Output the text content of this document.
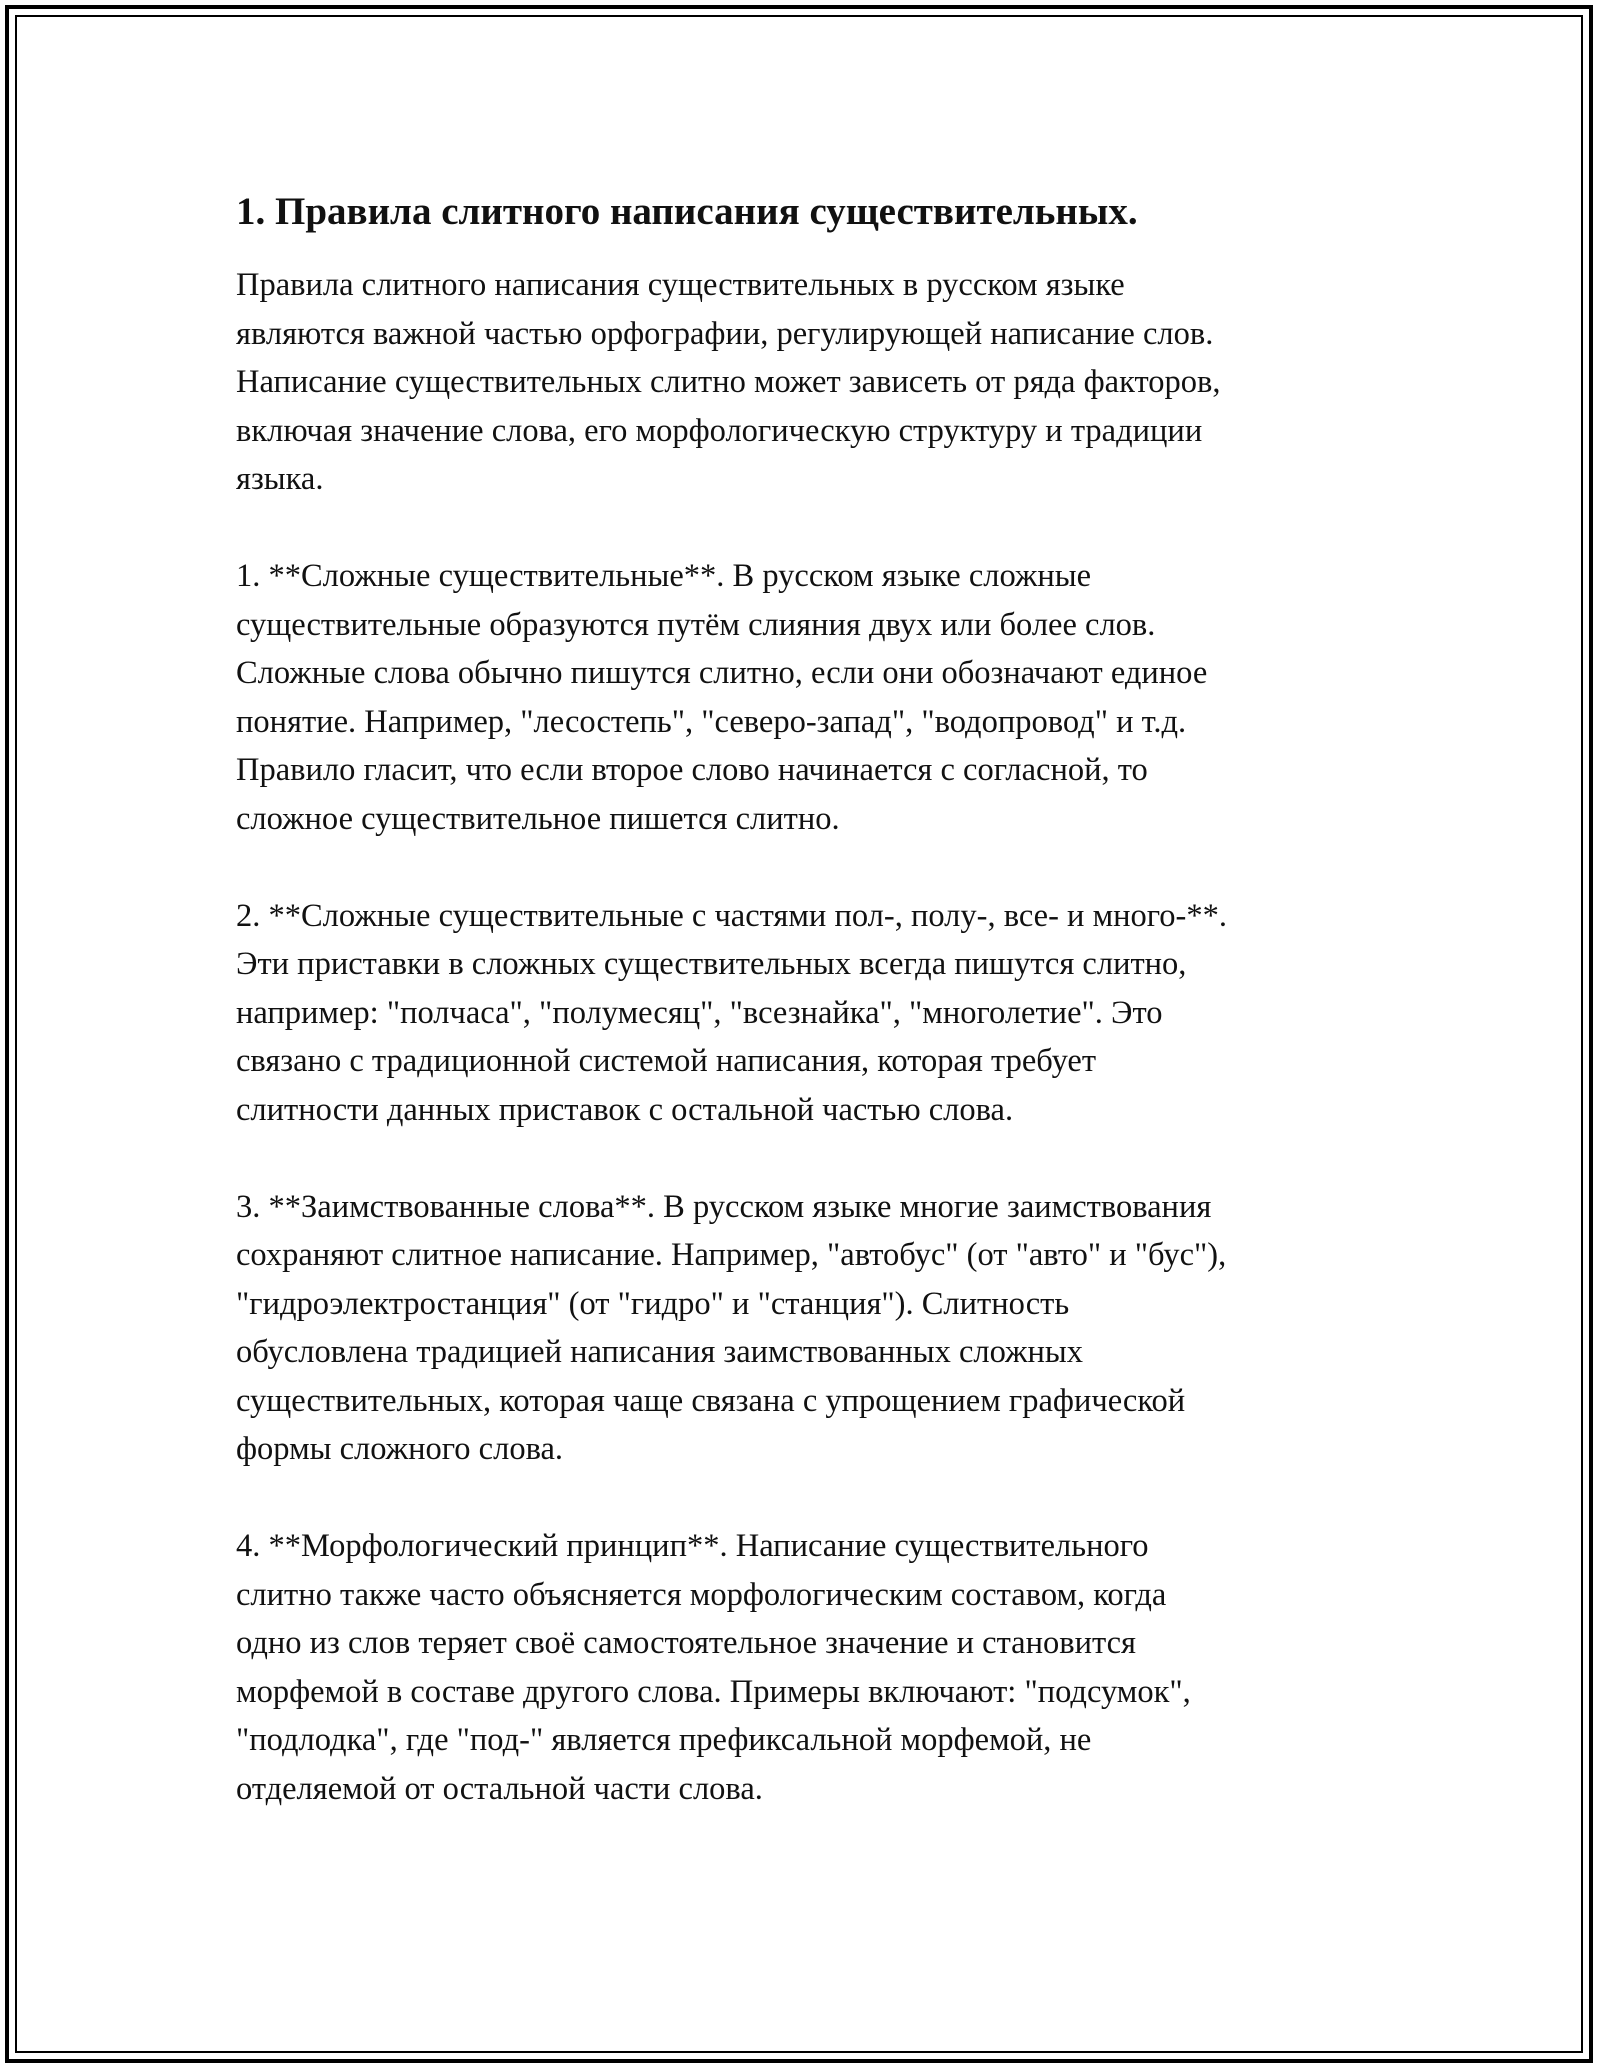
1. Правила слитного написания существительных.

Правила слитного написания существительных в русском языке
являются важной частью орфографии, регулирующей написание слов.
Написание существительных слитно может зависеть от ряда факторов,
включая значение слова, его морфологическую структуру и традиции
языка.

1. **Сложные существительные**. В русском языке сложные
существительные образуются путём слияния двух или более слов.
Сложные слова обычно пишутся слитно, если они обозначают единое
понятие. Например, "лесостепь", "северо-запад", "водопровод" и т.д.
Правило гласит, что если второе слово начинается с согласной, то
сложное существительное пишется слитно.

2. **Сложные существительные с частями пол-, полу-, все- и много-**.
Эти приставки в сложных существительных всегда пишутся слитно,
например: "полчаса", "полумесяц", "всезнайка", "многолетие". Это
связано с традиционной системой написания, которая требует
слитности данных приставок с остальной частью слова.

3. **Заимствованные слова**. В русском языке многие заимствования
сохраняют слитное написание. Например, "автобус" (от "авто" и "бус"),
"гидроэлектростанция" (от "гидро" и "станция"). Слитность
обусловлена традицией написания заимствованных сложных
существительных, которая чаще связана с упрощением графической
формы сложного слова.

4. **Морфологический принцип**. Написание существительного
слитно также часто объясняется морфологическим составом, когда
одно из слов теряет своё самостоятельное значение и становится
морфемой в составе другого слова. Примеры включают: "подсумок",
"подлодка", где "под-" является префиксальной морфемой, не
отделяемой от остальной части слова.
